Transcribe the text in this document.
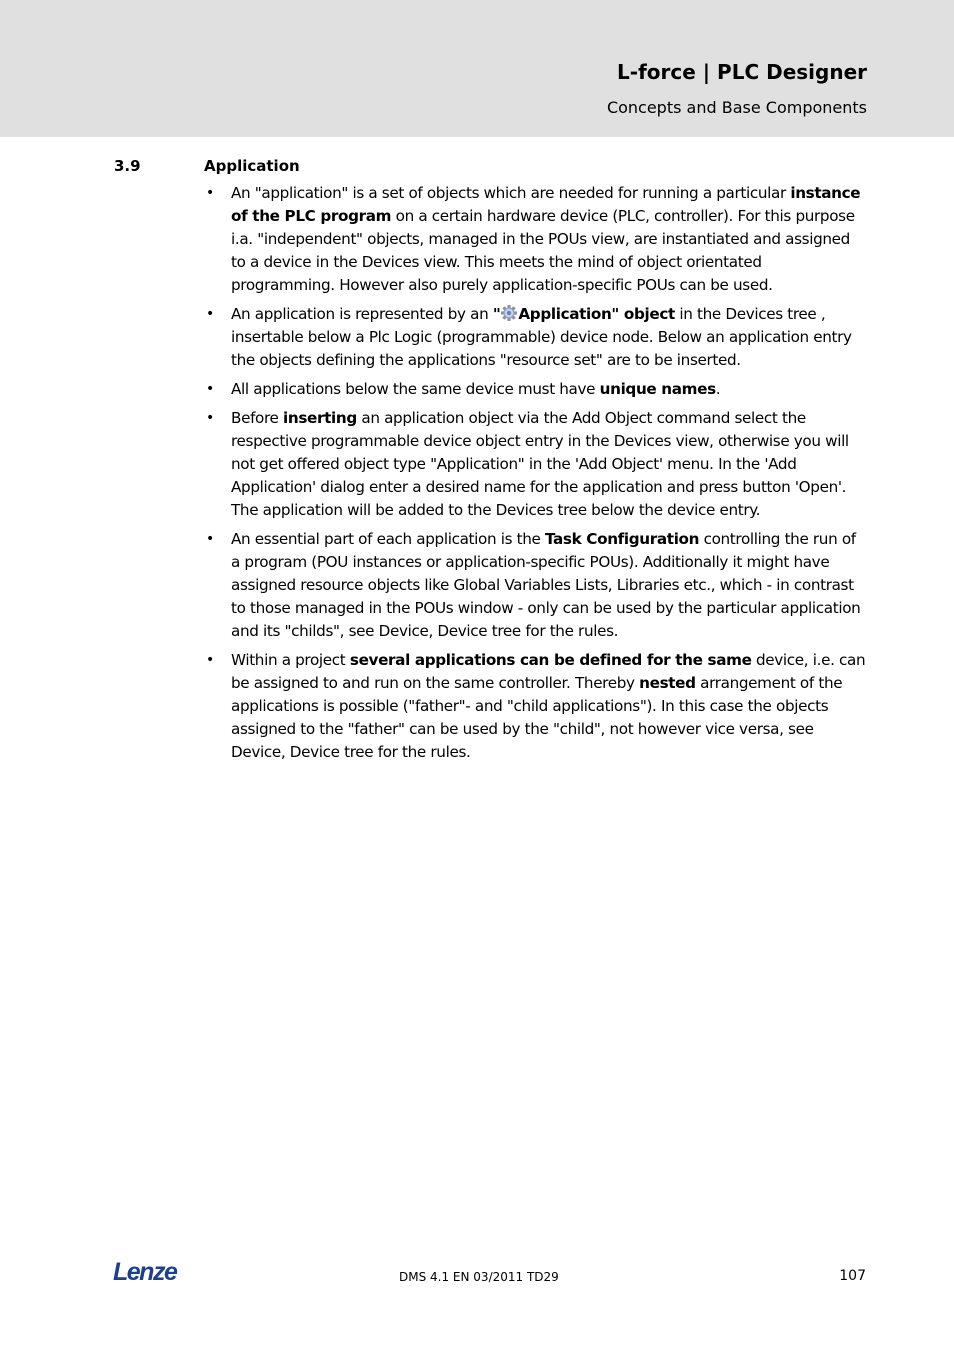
L-force | PLC Designer
Concepts and Base Components
3.9	Application
• An "application" is a set of objects which are needed for running a particular instance of the PLC program on a certain hardware device (PLC, controller). For this purpose i.a. "independent" objects, managed in the POUs view, are instantiated and assigned to a device in the Devices view. This meets the mind of object orientated programming. However also purely application-specific POUs can be used.
• An application is represented by an " Application" object in the Devices tree , insertable below a Plc Logic (programmable) device node. Below an application entry the objects defining the applications "resource set" are to be inserted.
• All applications below the same device must have unique names.
• Before inserting an application object via the Add Object command select the respective programmable device object entry in the Devices view, otherwise you will not get offered object type "Application" in the 'Add Object' menu. In the 'Add Application' dialog enter a desired name for the application and press button 'Open'. The application will be added to the Devices tree below the device entry.
• An essential part of each application is the Task Configuration controlling the run of a program (POU instances or application-specific POUs). Additionally it might have assigned resource objects like Global Variables Lists, Libraries etc., which - in contrast to those managed in the POUs window - only can be used by the particular application and its "childs", see Device, Device tree for the rules.
• Within a project several applications can be defined for the same device, i.e. can be assigned to and run on the same controller. Thereby nested arrangement of the applications is possible ("father"- and "child applications"). In this case the objects assigned to the "father" can be used by the "child", not however vice versa, see Device, Device tree for the rules.
Lenze	DMS 4.1 EN 03/2011 TD29	107
